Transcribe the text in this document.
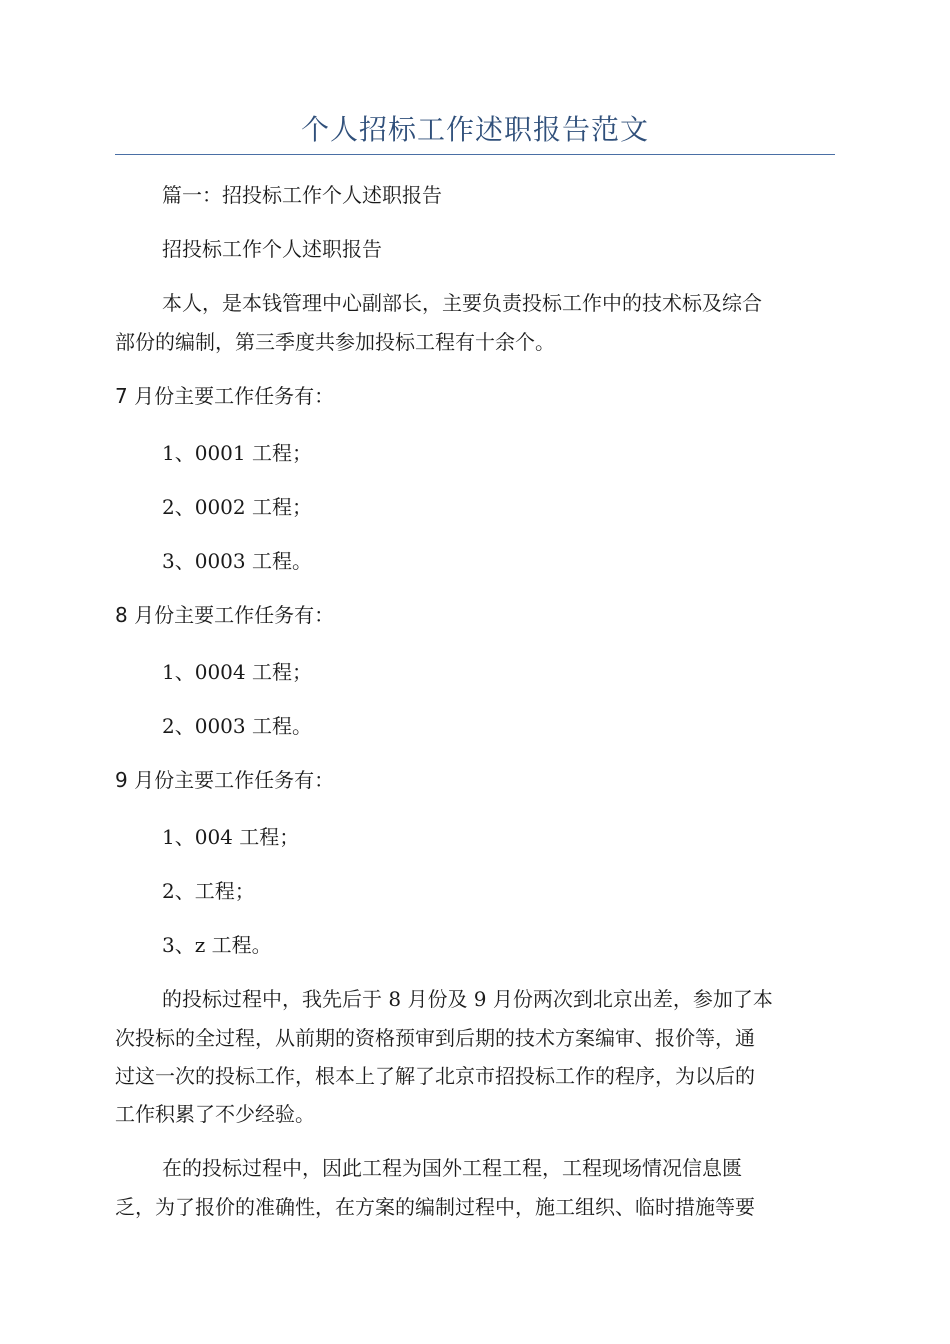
个人招标工作述职报告范文
篇一：招投标工作个人述职报告
招投标工作个人述职报告
本人，是本钱管理中心副部长，主要负责投标工作中的技术标及综合
部份的编制，第三季度共参加投标工程有十余个。
7 月份主要工作任务有：
1、0001 工程；
2、0002 工程；
3、0003 工程。
8 月份主要工作任务有：
1、0004 工程；
2、0003 工程。
9 月份主要工作任务有：
1、004 工程；
2、工程；
3、z 工程。
的投标过程中，我先后于 8 月份及 9 月份两次到北京出差，参加了本
次投标的全过程，从前期的资格预审到后期的技术方案编审、报价等，通
过这一次的投标工作，根本上了解了北京市招投标工作的程序，为以后的
工作积累了不少经验。
在的投标过程中，因此工程为国外工程工程，工程现场情况信息匮
乏，为了报价的准确性，在方案的编制过程中，施工组织、临时措施等要
